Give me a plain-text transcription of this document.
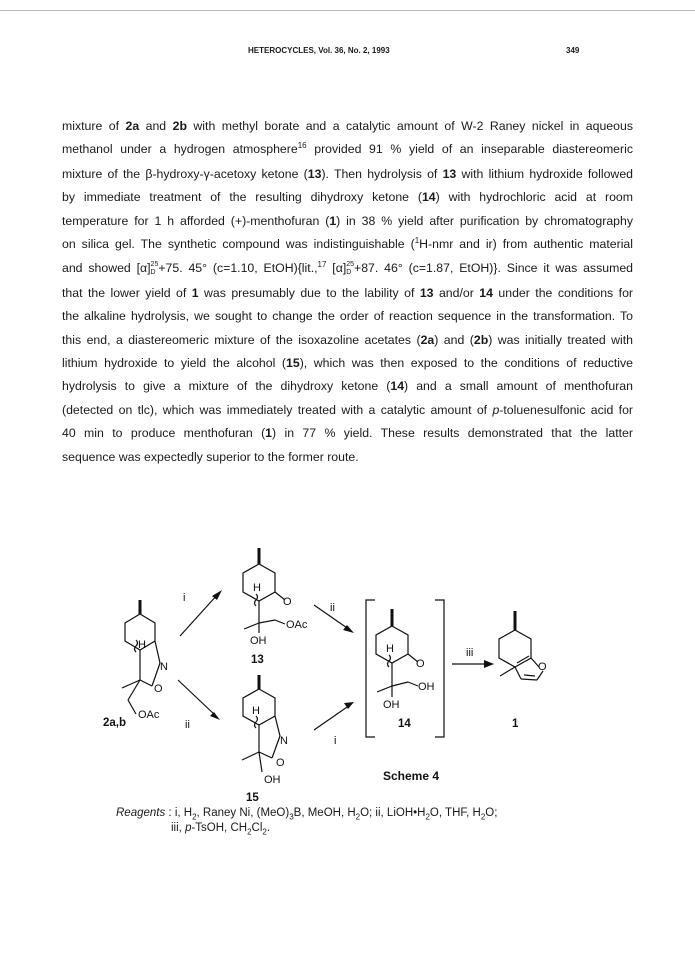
HETEROCYCLES, Vol. 36, No. 2, 1993	349
mixture of 2a and 2b with methyl borate and a catalytic amount of W-2 Raney nickel in aqueous
methanol under a hydrogen atmosphere$^{16}$ provided 91 % yield of an inseparable diastereomeric
mixture of the β-hydroxy-γ-acetoxy ketone (13). Then hydrolysis of 13 with lithium hydroxide followed
by immediate treatment of the resulting dihydroxy ketone (14) with hydrochloric acid at room
temperature for 1 h afforded (+)-menthofuran (1) in 38 % yield after purification by chromatography
on silica gel. The synthetic compound was indistinguishable ($^1$H-nmr and ir) from authentic material
and showed [α] 25
D +75. 45° (c=1.10, EtOH){lit.,$^{17}$ [α] 25
D +87. 46° (c=1.87, EtOH)}. Since it was assumed
that the lower yield of 1 was presumably due to the lability of 13 and/or 14 under the conditions for
the alkaline hydrolysis, we sought to change the order of reaction sequence in the transformation. To
this end, a diastereomeric mixture of the isoxazoline acetates (2a) and (2b) was initially treated with
lithium hydroxide to yield the alcohol (15), which was then exposed to the conditions of reductive
hydrolysis to give a mixture of the dihydroxy ketone (14) and a small amount of menthofuran
(detected on tlc), which was immediately treated with a catalytic amount of p-toluenesulfonic acid for
40 min to produce menthofuran (1) in 77 % yield. These results demonstrated that the latter
sequence was expectedly superior to the former route.
H
N
O
OAc
2a,b
H
O
OAc
OH
13
H
N
O
OH
15
i
ii
ii
i
H
O
OH
OH
14
iii
O
1
Scheme 4
Reagents : i, $H_2$, Raney Ni, $(MeO)_3B$, MeOH, $H_2O$; ii, $LiOH•H_2O$, THF, $H_2O$;
iii, p-TsOH, $CH_2Cl_2$.
